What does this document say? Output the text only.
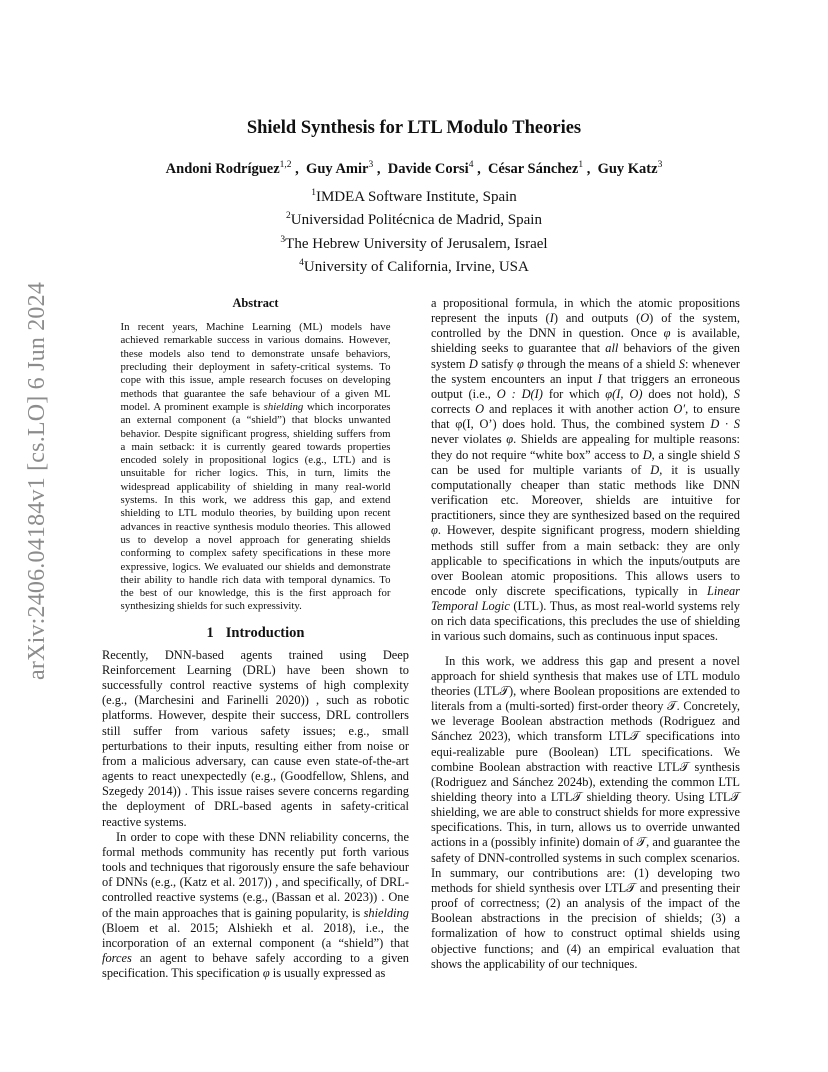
arXiv:2406.04184v1 [cs.LO] 6 Jun 2024
Shield Synthesis for LTL Modulo Theories
Andoni Rodríguez$^{1,2}$ ,  Guy Amir$^3$ ,  Davide Corsi$^4$ ,  César Sánchez$^1$ ,  Guy Katz$^3$
$^1$IMDEA Software Institute, Spain
$^2$Universidad Politécnica de Madrid, Spain
$^3$The Hebrew University of Jerusalem, Israel
$^4$University of California, Irvine, USA
Abstract
In recent years, Machine Learning (ML) models have achieved remarkable success in various domains. However, these models also tend to demonstrate unsafe behaviors, precluding their deployment in safety-critical systems. To cope with this issue, ample research focuses on developing methods that guarantee the safe behaviour of a given ML model. A prominent example is shielding which incorporates an external component (a “shield”) that blocks unwanted behavior. Despite significant progress, shielding suffers from a main setback: it is currently geared towards properties encoded solely in propositional logics (e.g., LTL) and is unsuitable for richer logics. This, in turn, limits the widespread applicability of shielding in many real-world systems. In this work, we address this gap, and extend shielding to LTL modulo theories, by building upon recent advances in reactive synthesis modulo theories. This allowed us to develop a novel approach for generating shields conforming to complex safety specifications in these more expressive, logics. We evaluated our shields and demonstrate their ability to handle rich data with temporal dynamics. To the best of our knowledge, this is the first approach for synthesizing shields for such expressivity.
1 Introduction

Recently, DNN-based agents trained using Deep Reinforcement Learning (DRL) have been shown to successfully control reactive systems of high complexity (e.g., (Marchesini and Farinelli 2020)) , such as robotic platforms. However, despite their success, DRL controllers still suffer from various safety issues; e.g., small perturbations to their inputs, resulting either from noise or from a malicious adversary, can cause even state-of-the-art agents to react unexpectedly (e.g., (Goodfellow, Shlens, and Szegedy 2014)) . This issue raises severe concerns regarding the deployment of DRL-based agents in safety-critical reactive systems.

In order to cope with these DNN reliability concerns, the formal methods community has recently put forth various tools and techniques that rigorously ensure the safe behaviour of DNNs (e.g., (Katz et al. 2017)) , and specifically, of DRL-controlled reactive systems (e.g., (Bassan et al. 2023)) . One of the main approaches that is gaining popularity, is shielding (Bloem et al. 2015; Alshiekh et al. 2018), i.e., the incorporation of an external component (a “shield”) that forces an agent to behave safely according to a given specification. This specification φ is usually expressed as

a propositional formula, in which the atomic propositions represent the inputs (I) and outputs (O) of the system, controlled by the DNN in question. Once φ is available, shielding seeks to guarantee that all behaviors of the given system D satisfy φ through the means of a shield S: whenever the system encounters an input I that triggers an erroneous output (i.e., O : D(I) for which φ(I, O) does not hold), S corrects O and replaces it with another action O′, to ensure that φ(I, O’) does hold. Thus, the combined system D · S never violates φ. Shields are appealing for multiple reasons: they do not require “white box” access to D, a single shield S can be used for multiple variants of D, it is usually computationally cheaper than static methods like DNN verification etc. Moreover, shields are intuitive for practitioners, since they are synthesized based on the required φ. However, despite significant progress, modern shielding methods still suffer from a main setback: they are only applicable to specifications in which the inputs/outputs are over Boolean atomic propositions. This allows users to encode only discrete specifications, typically in Linear Temporal Logic (LTL). Thus, as most real-world systems rely on rich data specifications, this precludes the use of shielding in various such domains, such as continuous input spaces.

In this work, we address this gap and present a novel approach for shield synthesis that makes use of LTL modulo theories (LTL𝒯), where Boolean propositions are extended to literals from a (multi-sorted) first-order theory 𝒯. Concretely, we leverage Boolean abstraction methods (Rodriguez and Sánchez 2023), which transform LTL𝒯 specifications into equi-realizable pure (Boolean) LTL specifications. We combine Boolean abstraction with reactive LTL𝒯 synthesis (Rodriguez and Sánchez 2024b), extending the common LTL shielding theory into a LTL𝒯 shielding theory. Using LTL𝒯 shielding, we are able to construct shields for more expressive specifications. This, in turn, allows us to override unwanted actions in a (possibly infinite) domain of 𝒯, and guarantee the safety of DNN-controlled systems in such complex scenarios. In summary, our contributions are: (1) developing two methods for shield synthesis over LTL𝒯 and presenting their proof of correctness; (2) an analysis of the impact of the Boolean abstractions in the precision of shields; (3) a formalization of how to construct optimal shields using objective functions; and (4) an empirical evaluation that shows the applicability of our techniques.
